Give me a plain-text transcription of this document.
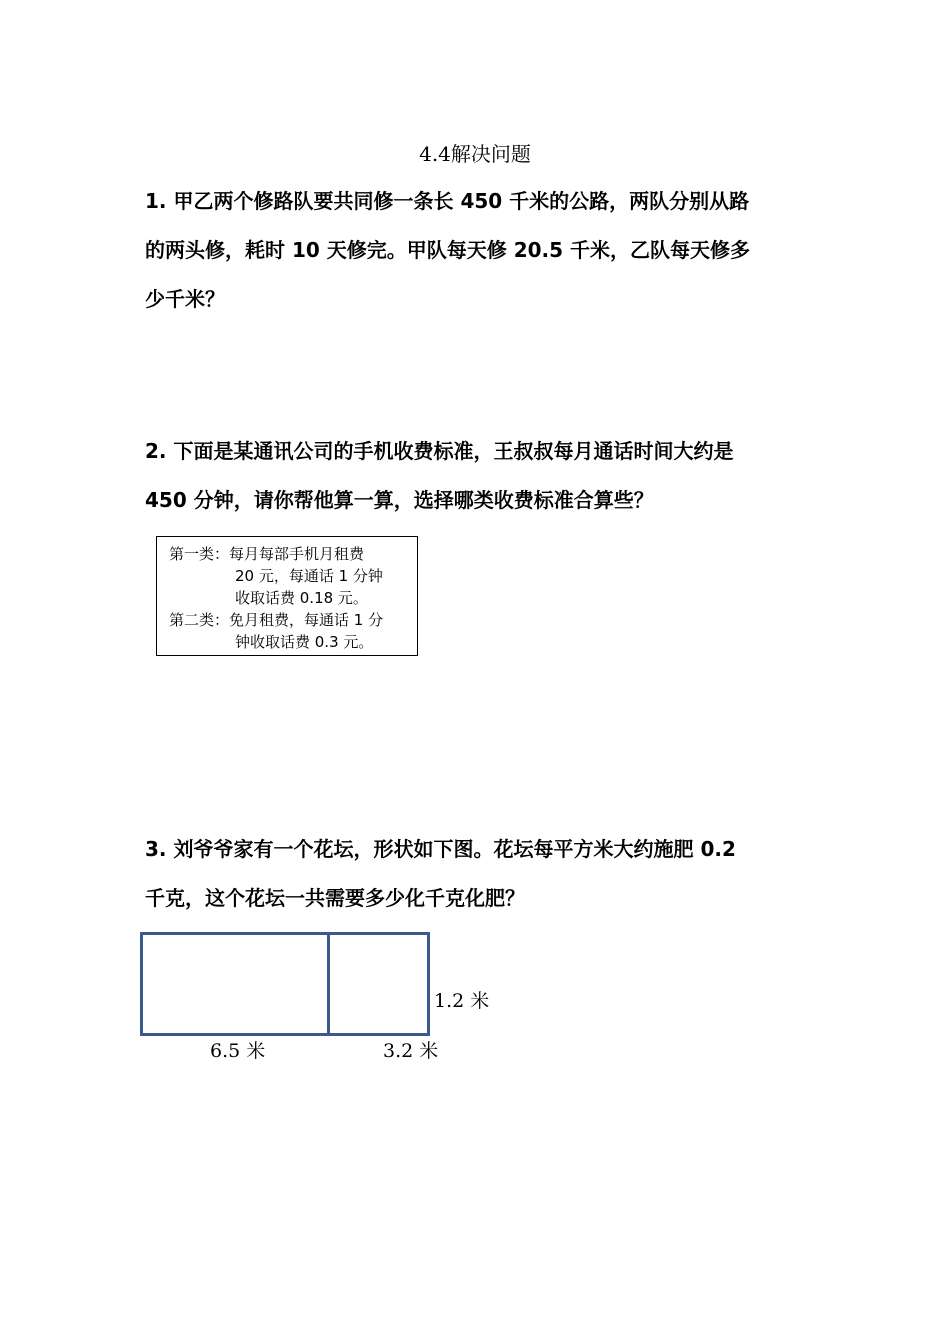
4.4解决问题
1. 甲乙两个修路队要共同修一条长 450 千米的公路，两队分别从路
的两头修，耗时 10 天修完。甲队每天修 20.5 千米，乙队每天修多
少千米？
2. 下面是某通讯公司的手机收费标准，王叔叔每月通话时间大约是
450 分钟，请你帮他算一算，选择哪类收费标准合算些？
第一类：每月每部手机月租费
20 元，每通话 1 分钟
收取话费 0.18 元。
第二类：免月租费，每通话 1 分
钟收取话费 0.3 元。
3. 刘爷爷家有一个花坛，形状如下图。花坛每平方米大约施肥 0.2
千克，这个花坛一共需要多少化千克化肥？
1.2 米
6.5 米	3.2 米
